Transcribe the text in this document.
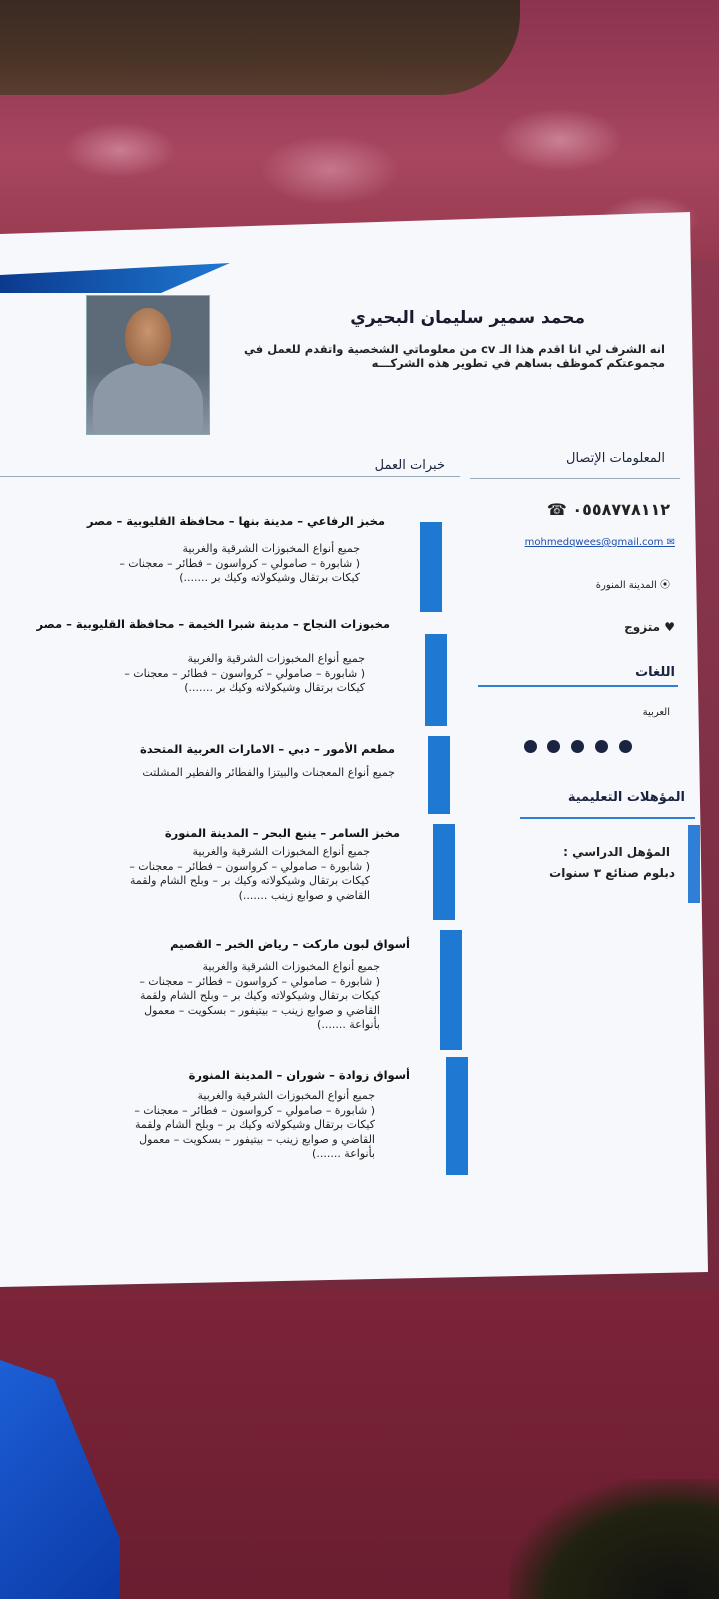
محمد سمير سليمان البحيري
انه الشرف لي انا اقدم هذا الـ cv من معلوماتي الشخصية واتقدم للعمل في مجموعتكم كموظف بساهم في تطوير هذه الشركـــه
خبرات العمل	المعلومات الإتصال
☎ ٠٥٥٨٧٧٨١١٢
mohmedqwees@gmail.com ✉
⦿ المدينة المنورة
♥ متزوج
اللغات
العربية
المؤهلات التعليمية
المؤهل الدراسي :
دبلوم صنائع ٣ سنوات
مخبز الرفاعي – مدينة بنها – محافظة القليوبية – مصر
جميع أنواع المخبوزات الشرقية والغربية
( شابورة – صامولي – كرواسون – فطائر – معجنات –
كيكات برتقال وشيكولاته وكيك بر .......)
مخبوزات النجاح – مدينة شبرا الخيمة – محافظة القليوبية – مصر
جميع أنواع المخبوزات الشرقية والغربية
( شابورة – صامولي – كرواسون – فطائر – معجنات –
كيكات برتقال وشيكولاته وكيك بر .......)
مطعم الأمور – دبي – الامارات العربية المتحدة
جميع أنواع المعجنات والبيتزا والفطائر والفطير المشلتت
مخبز السامر – ينبع البحر – المدينة المنورة
جميع أنواع المخبوزات الشرقية والغربية
( شابورة – صامولي – كرواسون – فطائر – معجنات –
كيكات برتقال وشيكولاته وكيك بر – وبلح الشام ولقمة
القاضي و صوابع زينب .......)
أسواق لبون ماركت – رياض الخبر – القصيم
جميع أنواع المخبوزات الشرقية والغربية
( شابورة – صامولي – كرواسون – فطائر – معجنات –
كيكات برتقال وشيكولاته وكيك بر – وبلح الشام ولقمة
القاضي و صوابع زينب – بيتيفور – بسكويت – معمول
بأنواعة .......)
أسواق زوادة – شوران – المدينة المنورة
جميع أنواع المخبوزات الشرقية والغربية
( شابورة – صامولي – كرواسون – فطائر – معجنات –
كيكات برتقال وشيكولاته وكيك بر – وبلح الشام ولقمة
القاضي و صوابع زينب – بيتيفور – بسكويت – معمول
بأنواعة .......)
